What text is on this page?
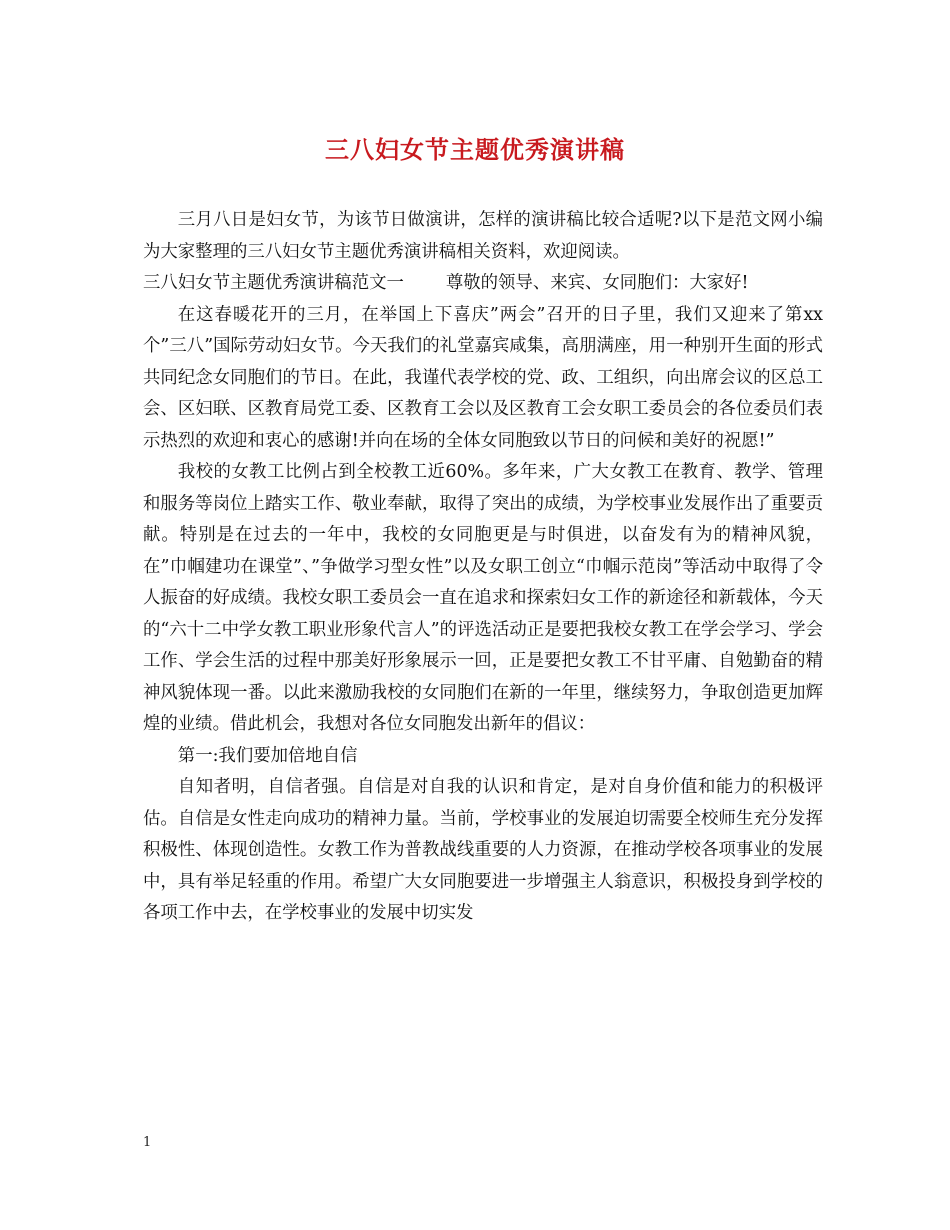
三八妇女节主题优秀演讲稿

三月八日是妇女节，为该节日做演讲，怎样的演讲稿比较合适呢?以下是范文网小编为大家整理的三八妇女节主题优秀演讲稿相关资料，欢迎阅读。

三八妇女节主题优秀演讲稿范文一 尊敬的领导、来宾、女同胞们：大家好!

在这春暖花开的三月，在举国上下喜庆”两会”召开的日子里，我们又迎来了第xx个”三八”国际劳动妇女节。今天我们的礼堂嘉宾咸集，高朋满座，用一种别开生面的形式共同纪念女同胞们的节日。在此，我谨代表学校的党、政、工组织，向出席会议的区总工会、区妇联、区教育局党工委、区教育工会以及区教育工会女职工委员会的各位委员们表示热烈的欢迎和衷心的感谢!并向在场的全体女同胞致以节日的问候和美好的祝愿!”

我校的女教工比例占到全校教工近60%。多年来，广大女教工在教育、教学、管理和服务等岗位上踏实工作、敬业奉献，取得了突出的成绩，为学校事业发展作出了重要贡献。特别是在过去的一年中，我校的女同胞更是与时俱进，以奋发有为的精神风貌，在”巾帼建功在课堂”、”争做学习型女性”以及女职工创立“巾帼示范岗”等活动中取得了令人振奋的好成绩。我校女职工委员会一直在追求和探索妇女工作的新途径和新载体，今天的“六十二中学女教工职业形象代言人”的评选活动正是要把我校女教工在学会学习、学会工作、学会生活的过程中那美好形象展示一回，正是要把女教工不甘平庸、自勉勤奋的精神风貌体现一番。以此来激励我校的女同胞们在新的一年里，继续努力，争取创造更加辉煌的业绩。借此机会，我想对各位女同胞发出新年的倡议：

第一:我们要加倍地自信

自知者明，自信者强。自信是对自我的认识和肯定，是对自身价值和能力的积极评估。自信是女性走向成功的精神力量。当前，学校事业的发展迫切需要全校师生充分发挥积极性、体现创造性。女教工作为普教战线重要的人力资源，在推动学校各项事业的发展中，具有举足轻重的作用。希望广大女同胞要进一步增强主人翁意识，积极投身到学校的各项工作中去，在学校事业的发展中切实发

1
